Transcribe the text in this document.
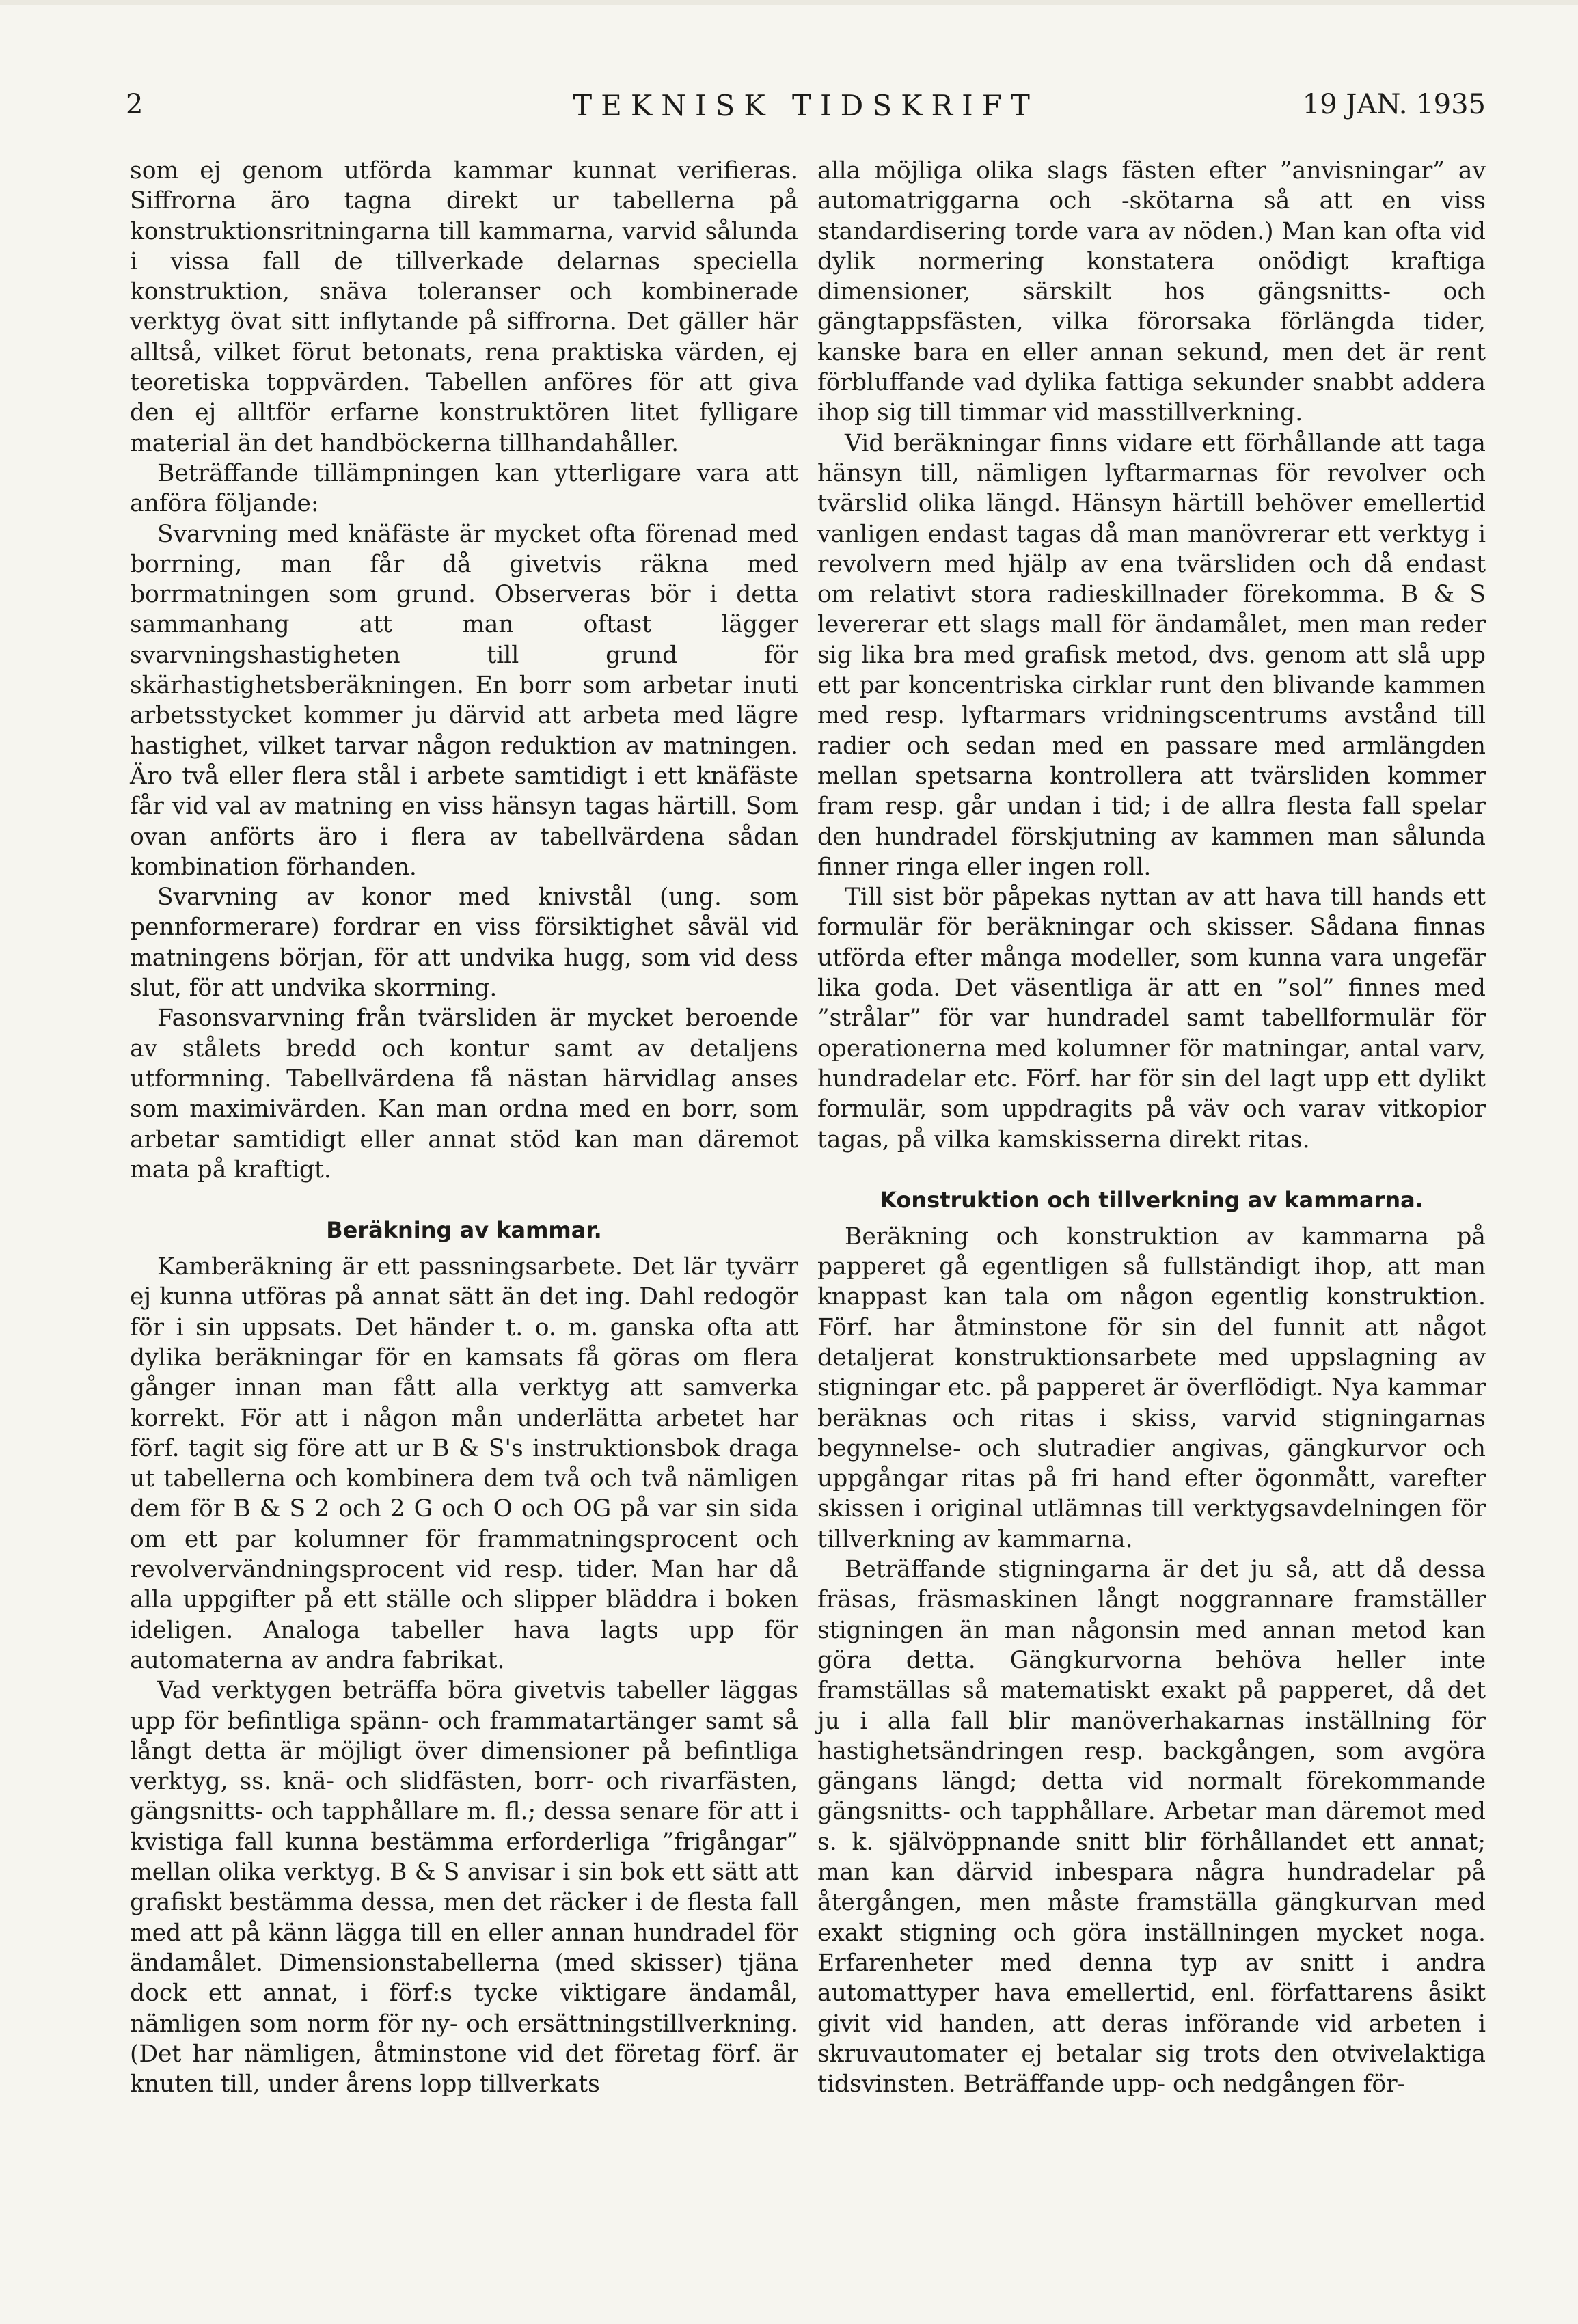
2	TEKNISK TIDSKRIFT	19 JAN. 1935

som ej genom utförda kammar kunnat verifieras. Siffrorna äro tagna direkt ur tabellerna på konstruktionsritningarna till kammarna, varvid sålunda i vissa fall de tillverkade delarnas speciella konstruktion, snäva toleranser och kombinerade verktyg övat sitt inflytande på siffrorna. Det gäller här alltså, vilket förut betonats, rena praktiska värden, ej teoretiska toppvärden. Tabellen anföres för att giva den ej alltför erfarne konstruktören litet fylligare material än det handböckerna tillhandahåller.

Beträffande tillämpningen kan ytterligare vara att anföra följande:

Svarvning med knäfäste är mycket ofta förenad med borrning, man får då givetvis räkna med borrmatningen som grund. Observeras bör i detta sammanhang att man oftast lägger svarvningshastigheten till grund för skärhastighetsberäkningen. En borr som arbetar inuti arbetsstycket kommer ju därvid att arbeta med lägre hastighet, vilket tarvar någon reduktion av matningen. Äro två eller flera stål i arbete samtidigt i ett knäfäste får vid val av matning en viss hänsyn tagas härtill. Som ovan anförts äro i flera av tabellvärdena sådan kombination förhanden.

Svarvning av konor med knivstål (ung. som pennformerare) fordrar en viss försiktighet såväl vid matningens början, för att undvika hugg, som vid dess slut, för att undvika skorrning.

Fasonsvarvning från tvärsliden är mycket beroende av stålets bredd och kontur samt av detaljens utformning. Tabellvärdena få nästan härvidlag anses som maximivärden. Kan man ordna med en borr, som arbetar samtidigt eller annat stöd kan man däremot mata på kraftigt.

Beräkning av kammar.

Kamberäkning är ett passningsarbete. Det lär tyvärr ej kunna utföras på annat sätt än det ing. Dahl redogör för i sin uppsats. Det händer t. o. m. ganska ofta att dylika beräkningar för en kamsats få göras om flera gånger innan man fått alla verktyg att samverka korrekt. För att i någon mån underlätta arbetet har förf. tagit sig före att ur B & S's instruktionsbok draga ut tabellerna och kombinera dem två och två nämligen dem för B & S 2 och 2 G och O och OG på var sin sida om ett par kolumner för frammatningsprocent och revolvervändningsprocent vid resp. tider. Man har då alla uppgifter på ett ställe och slipper bläddra i boken ideligen. Analoga tabeller hava lagts upp för automaterna av andra fabrikat.

Vad verktygen beträffa böra givetvis tabeller läggas upp för befintliga spänn- och frammatartänger samt så långt detta är möjligt över dimensioner på befintliga verktyg, ss. knä- och slidfästen, borr- och rivarfästen, gängsnitts- och tapphållare m. fl.; dessa senare för att i kvistiga fall kunna bestämma erforderliga ”frigångar” mellan olika verktyg. B & S anvisar i sin bok ett sätt att grafiskt bestämma dessa, men det räcker i de flesta fall med att på känn lägga till en eller annan hundradel för ändamålet. Dimensionstabellerna (med skisser) tjäna dock ett annat, i förf:s tycke viktigare ändamål, nämligen som norm för ny- och ersättningstillverkning. (Det har nämligen, åtminstone vid det företag förf. är knuten till, under årens lopp tillverkats

alla möjliga olika slags fästen efter ”anvisningar” av automatriggarna och -skötarna så att en viss standardisering torde vara av nöden.) Man kan ofta vid dylik normering konstatera onödigt kraftiga dimensioner, särskilt hos gängsnitts- och gängtappsfästen, vilka förorsaka förlängda tider, kanske bara en eller annan sekund, men det är rent förbluffande vad dylika fattiga sekunder snabbt addera ihop sig till timmar vid masstillverkning.

Vid beräkningar finns vidare ett förhållande att taga hänsyn till, nämligen lyftarmarnas för revolver och tvärslid olika längd. Hänsyn härtill behöver emellertid vanligen endast tagas då man manövrerar ett verktyg i revolvern med hjälp av ena tvärsliden och då endast om relativt stora radieskillnader förekomma. B & S levererar ett slags mall för ändamålet, men man reder sig lika bra med grafisk metod, dvs. genom att slå upp ett par koncentriska cirklar runt den blivande kammen med resp. lyftarmars vridningscentrums avstånd till radier och sedan med en passare med armlängden mellan spetsarna kontrollera att tvärsliden kommer fram resp. går undan i tid; i de allra flesta fall spelar den hundradel förskjutning av kammen man sålunda finner ringa eller ingen roll.

Till sist bör påpekas nyttan av att hava till hands ett formulär för beräkningar och skisser. Sådana finnas utförda efter många modeller, som kunna vara ungefär lika goda. Det väsentliga är att en ”sol” finnes med ”strålar” för var hundradel samt tabellformulär för operationerna med kolumner för matningar, antal varv, hundradelar etc. Förf. har för sin del lagt upp ett dylikt formulär, som uppdragits på väv och varav vitkopior tagas, på vilka kamskisserna direkt ritas.

Konstruktion och tillverkning av kammarna.

Beräkning och konstruktion av kammarna på papperet gå egentligen så fullständigt ihop, att man knappast kan tala om någon egentlig konstruktion. Förf. har åtminstone för sin del funnit att något detaljerat konstruktionsarbete med uppslagning av stigningar etc. på papperet är överflödigt. Nya kammar beräknas och ritas i skiss, varvid stigningarnas begynnelse- och slutradier angivas, gängkurvor och uppgångar ritas på fri hand efter ögonmått, varefter skissen i original utlämnas till verktygsavdelningen för tillverkning av kammarna.

Beträffande stigningarna är det ju så, att då dessa fräsas, fräsmaskinen långt noggrannare framställer stigningen än man någonsin med annan metod kan göra detta. Gängkurvorna behöva heller inte framställas så matematiskt exakt på papperet, då det ju i alla fall blir manöverhakarnas inställning för hastighetsändringen resp. backgången, som avgöra gängans längd; detta vid normalt förekommande gängsnitts- och tapphållare. Arbetar man däremot med s. k. självöppnande snitt blir förhållandet ett annat; man kan därvid inbespara några hundradelar på återgången, men måste framställa gängkurvan med exakt stigning och göra inställningen mycket noga. Erfarenheter med denna typ av snitt i andra automattyper hava emellertid, enl. författarens åsikt givit vid handen, att deras införande vid arbeten i skruvautomater ej betalar sig trots den otvivelaktiga tidsvinsten. Beträffande upp- och nedgången för-
